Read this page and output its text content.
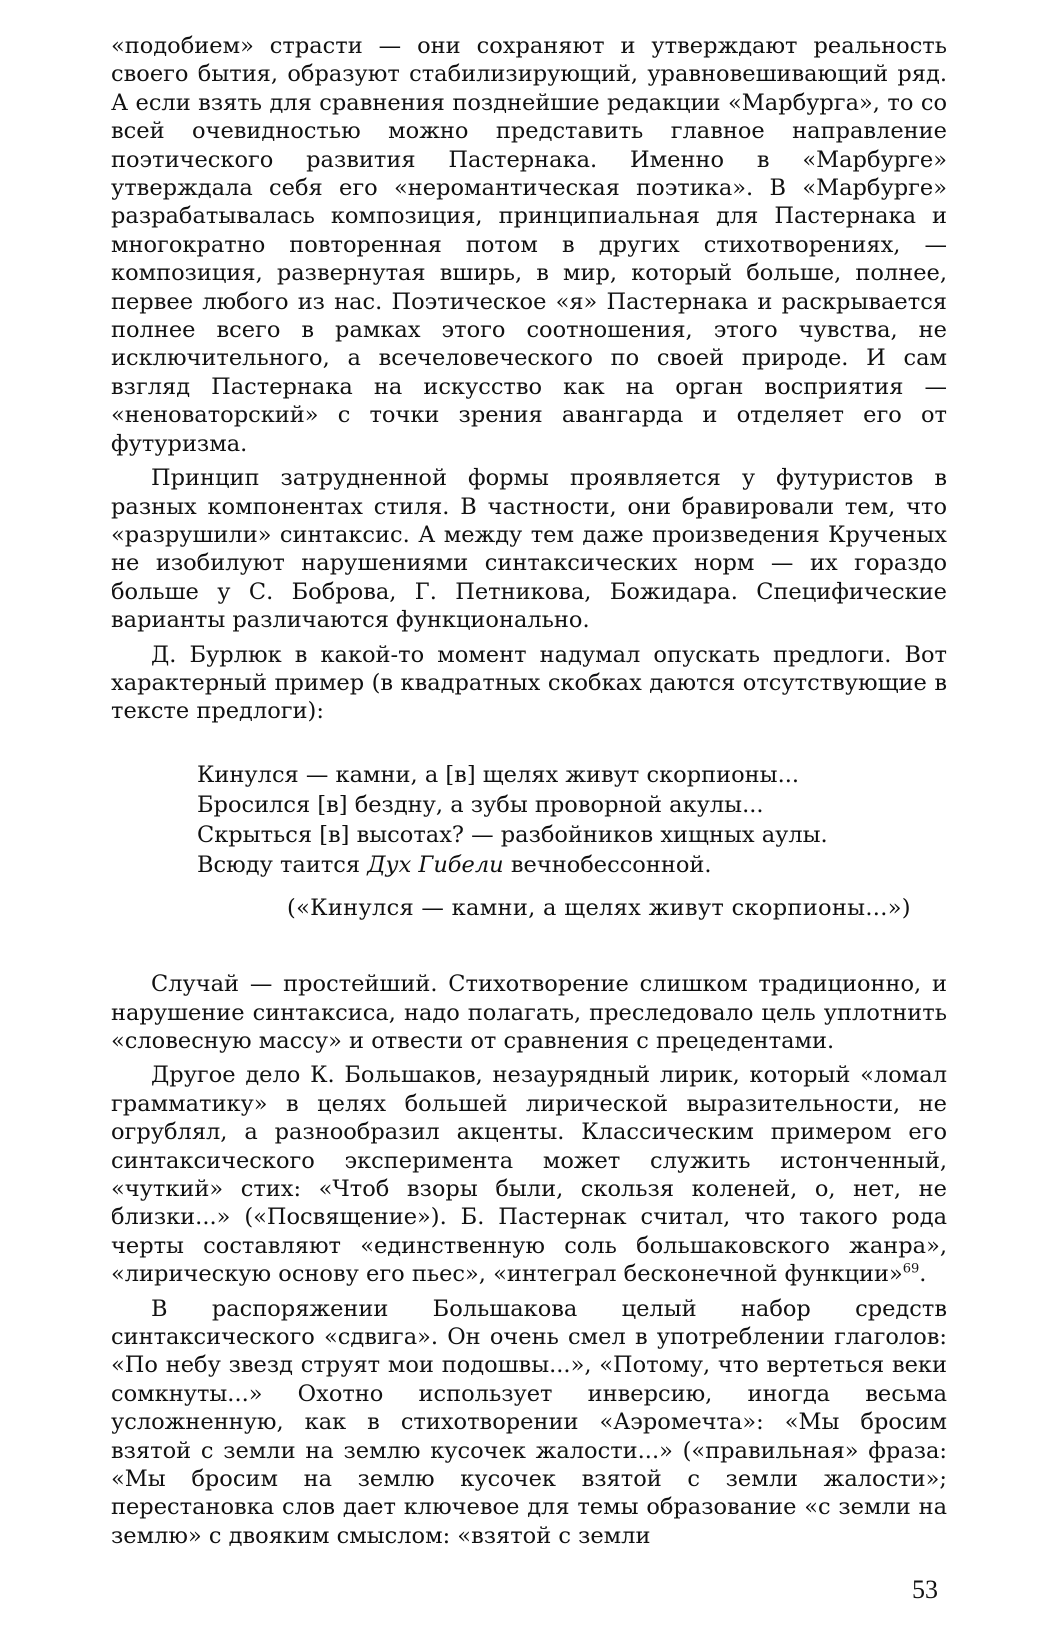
«подобием» страсти — они сохраняют и утверждают реальность своего бытия, образуют стабилизирующий, уравновешивающий ряд. А если взять для сравнения позднейшие редакции «Марбурга», то со всей очевидностью можно представить главное направление поэтического развития Пастернака. Именно в «Марбурге» утверждала себя его «неромантическая поэтика». В «Марбурге» разрабатывалась композиция, принципиальная для Пастернака и многократно повторенная потом в других стихотворениях, — композиция, развернутая вширь, в мир, который больше, полнее, первее любого из нас. Поэтическое «я» Пастернака и раскрывается полнее всего в рамках этого соотношения, этого чувства, не исключительного, а всечеловеческого по своей природе. И сам взгляд Пастернака на искусство как на орган восприятия — «неноваторский» с точки зрения авангарда и отделяет его от футуризма.

Принцип затрудненной формы проявляется у футуристов в разных компонентах стиля. В частности, они бравировали тем, что «разрушили» синтаксис. А между тем даже произведения Крученых не изобилуют нарушениями синтаксических норм — их гораздо больше у С. Боброва, Г. Петникова, Божидара. Специфические варианты различаются функционально.

Д. Бурлюк в какой-то момент надумал опускать предлоги. Вот характерный пример (в квадратных скобках даются отсутствующие в тексте предлоги):

Кинулся — камни, а [в] щелях живут скорпионы...
Бросился [в] бездну, а зубы проворной акулы...
Скрыться [в] высотах? — разбойников хищных аулы.
Всюду таится Дух Гибели вечнобессонной.
(«Кинулся — камни, а щелях живут скорпионы...»)

Случай — простейший. Стихотворение слишком традиционно, и нарушение синтаксиса, надо полагать, преследовало цель уплотнить «словесную массу» и отвести от сравнения с прецедентами.

Другое дело К. Большаков, незаурядный лирик, который «ломал грамматику» в целях большей лирической выразительности, не огрублял, а разнообразил акценты. Классическим примером его синтаксического эксперимента может служить истонченный, «чуткий» стих: «Чтоб взоры были, скользя коленей, о, нет, не близки...» («Посвящение»). Б. Пастернак считал, что такого рода черты составляют «единственную соль большаковского жанра», «лирическую основу его пьес», «интеграл бесконечной функции»$^{69}$.

В распоряжении Большакова целый набор средств синтаксического «сдвига». Он очень смел в употреблении глаголов: «По небу звезд струят мои подошвы...», «Потому, что вертеться веки сомкнуты...» Охотно использует инверсию, иногда весьма усложненную, как в стихотворении «Аэромечта»: «Мы бросим взятой с земли на землю кусочек жалости...» («правильная» фраза: «Мы бросим на землю кусочек взятой с земли жалости»; перестановка слов дает ключевое для темы образование «с земли на землю» с двояким смыслом: «взятой с земли

53
